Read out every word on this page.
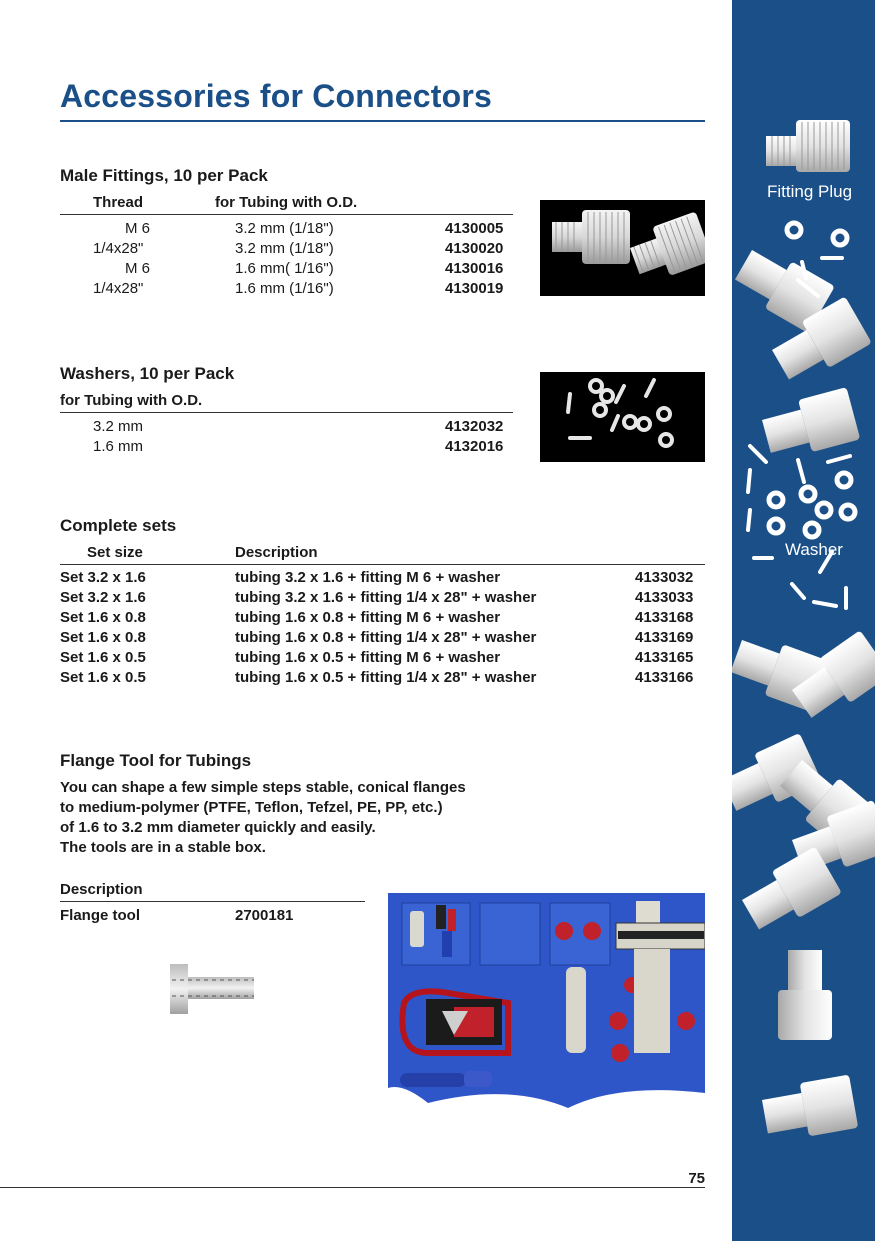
Accessories for Connectors
Male Fittings, 10 per Pack
Thread	for Tubing with O.D.
M 6	3.2 mm (1/18")	4130005
1/4x28"	3.2 mm (1/18")	4130020
M 6	1.6 mm( 1/16")	4130016
1/4x28"	1.6 mm (1/16")	4130019
Washers, 10 per Pack
for Tubing with O.D.
3.2 mm	4132032
1.6 mm	4132016
Complete sets
Set size	Description
Set 3.2 x 1.6	tubing 3.2 x 1.6 + fitting M 6 + washer	4133032
Set 3.2 x 1.6	tubing 3.2 x 1.6 + fitting 1/4 x 28" + washer	4133033
Set 1.6 x 0.8	tubing 1.6 x 0.8 + fitting M 6 + washer	4133168
Set 1.6 x 0.8	tubing 1.6 x 0.8 + fitting 1/4 x 28" + washer	4133169
Set 1.6 x 0.5	tubing 1.6 x 0.5 + fitting M 6 + washer	4133165
Set 1.6 x 0.5	tubing 1.6 x 0.5 + fitting 1/4 x 28" + washer	4133166
Flange Tool for Tubings
You can shape a few simple steps stable, conical flanges
to medium-polymer (PTFE, Teflon, Tefzel, PE, PP, etc.)
of 1.6 to 3.2 mm diameter quickly and easily.
The tools are in a stable box.
Description
Flange tool	2700181
75
Fitting Plug
Washer
